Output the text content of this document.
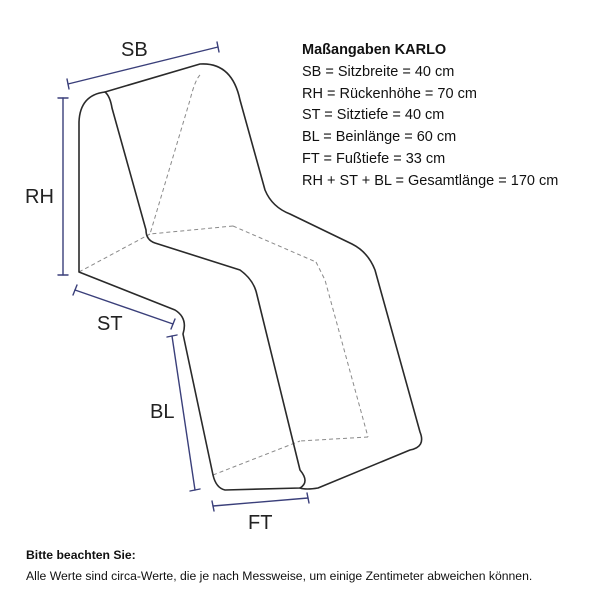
SB
RH
ST
BL
FT
Maßangaben KARLO
SB = Sitzbreite = 40 cm
RH = Rückenhöhe = 70 cm
ST = Sitztiefe = 40 cm
BL = Beinlänge = 60 cm
FT = Fußtiefe = 33 cm
RH + ST + BL = Gesamtlänge = 170 cm
Bitte beachten Sie:
Alle Werte sind circa-Werte, die je nach Messweise, um einige Zentimeter abweichen können.
